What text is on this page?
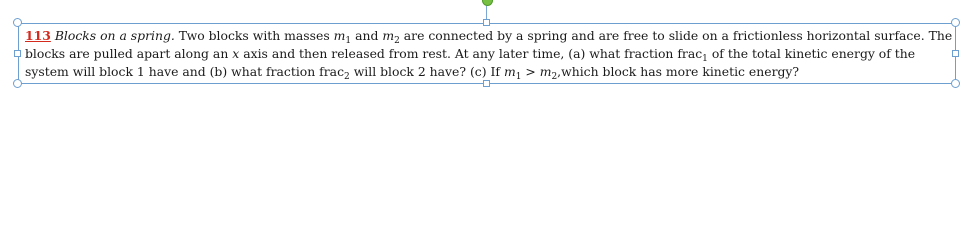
113 Blocks on a spring. Two blocks with masses $m_1$ and $m_2$ are connected by a spring and are free to slide on a frictionless horizontal surface. The blocks are pulled apart along an x axis and then released from rest. At any later time, (a) what fraction frac$_1$ of the total kinetic energy of the system will block 1 have and (b) what fraction frac$_2$ will block 2 have? (c) If $m_1$ > $m_2,which$ block has more kinetic energy?
